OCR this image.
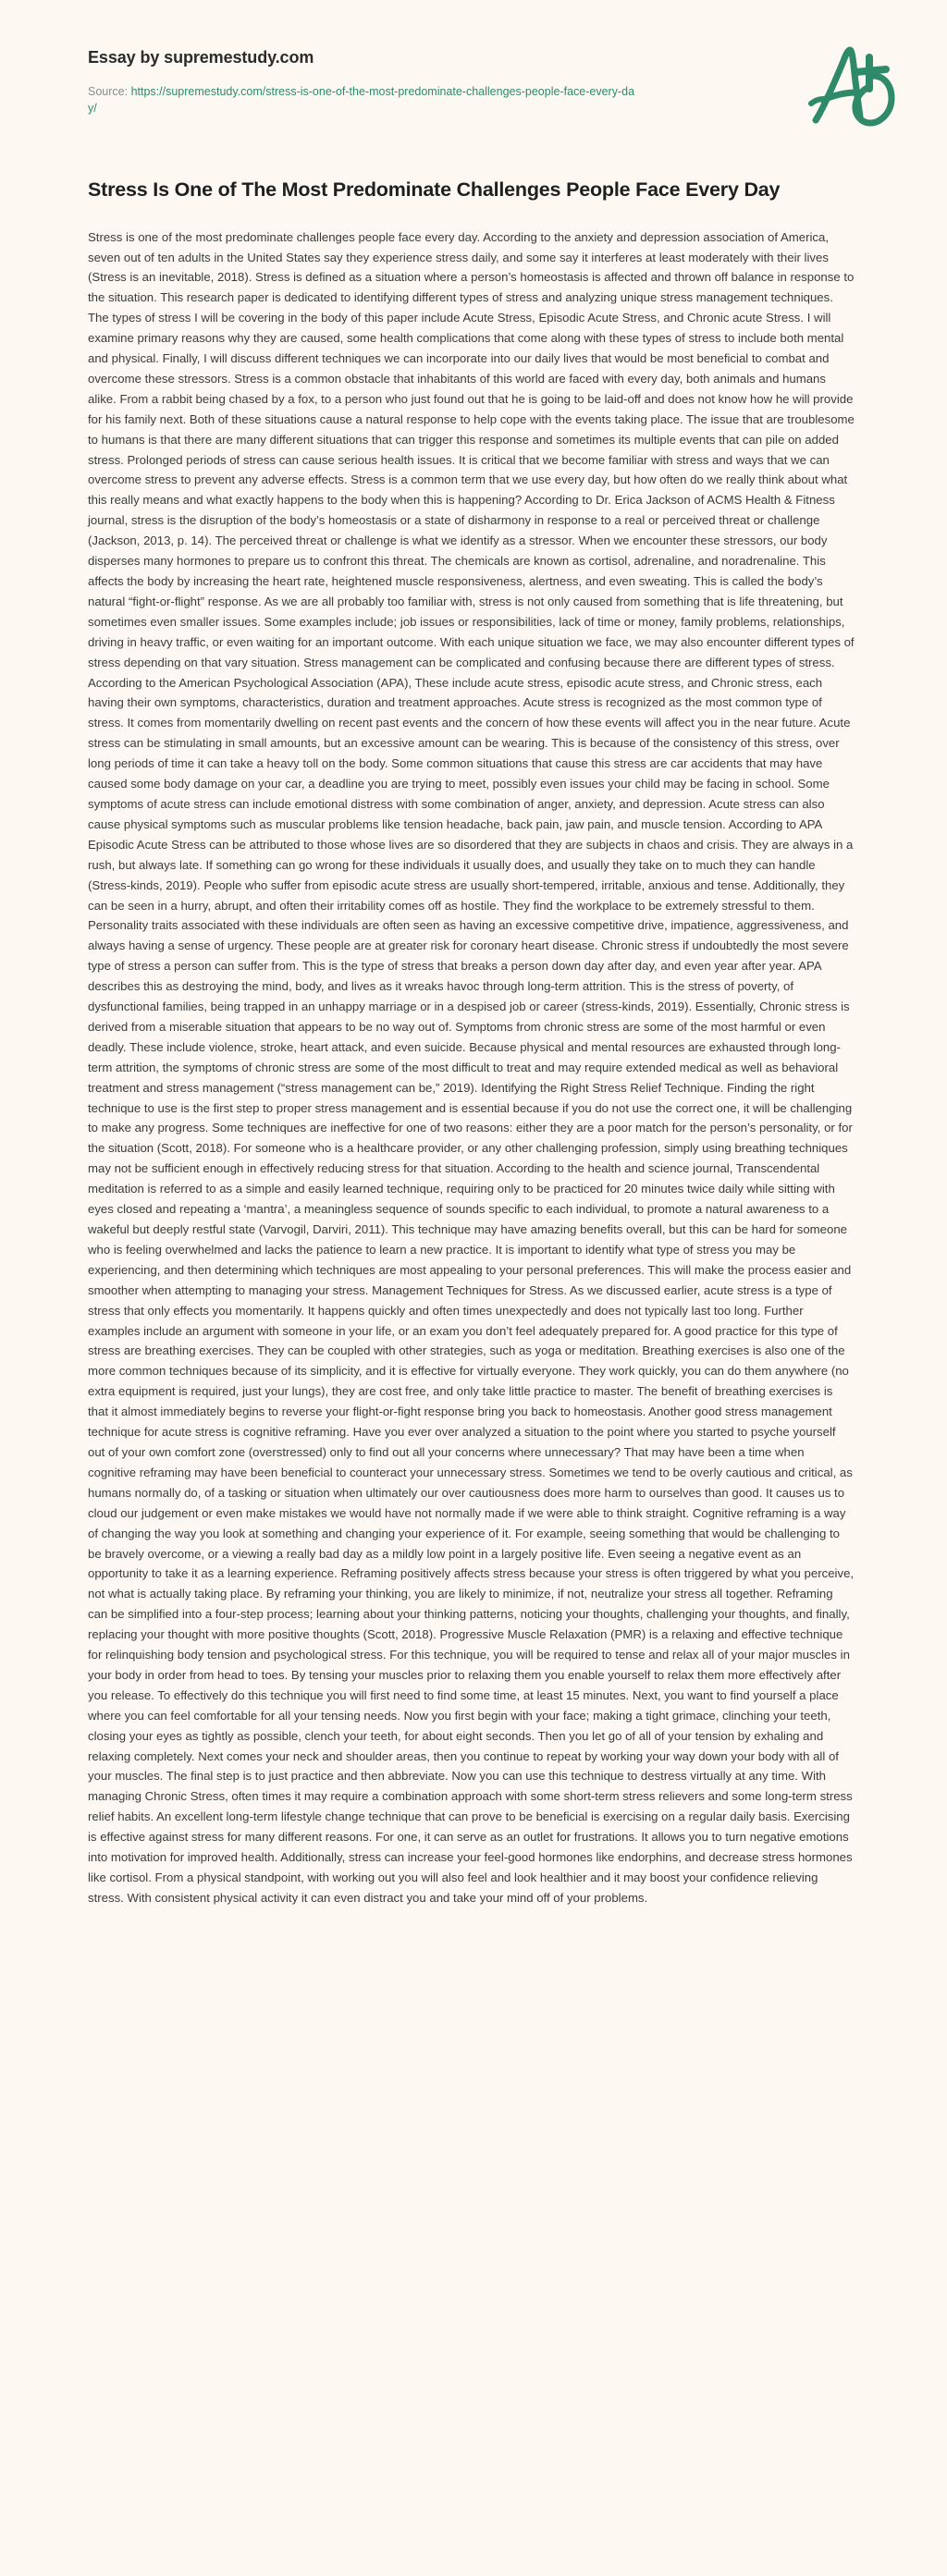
Essay by supremestudy.com
Source: https://supremestudy.com/stress-is-one-of-the-most-predominate-challenges-people-face-every-day/
Stress Is One of The Most Predominate Challenges People Face Every Day

Stress is one of the most predominate challenges people face every day. According to the anxiety and depression association of America, seven out of ten adults in the United States say they experience stress daily, and some say it interferes at least moderately with their lives (Stress is an inevitable, 2018). Stress is defined as a situation where a person’s homeostasis is affected and thrown off balance in response to the situation. This research paper is dedicated to identifying different types of stress and analyzing unique stress management techniques. The types of stress I will be covering in the body of this paper include Acute Stress, Episodic Acute Stress, and Chronic acute Stress. I will examine primary reasons why they are caused, some health complications that come along with these types of stress to include both mental and physical. Finally, I will discuss different techniques we can incorporate into our daily lives that would be most beneficial to combat and overcome these stressors. Stress is a common obstacle that inhabitants of this world are faced with every day, both animals and humans alike. From a rabbit being chased by a fox, to a person who just found out that he is going to be laid-off and does not know how he will provide for his family next. Both of these situations cause a natural response to help cope with the events taking place. The issue that are troublesome to humans is that there are many different situations that can trigger this response and sometimes its multiple events that can pile on added stress. Prolonged periods of stress can cause serious health issues. It is critical that we become familiar with stress and ways that we can overcome stress to prevent any adverse effects. Stress is a common term that we use every day, but how often do we really think about what this really means and what exactly happens to the body when this is happening? According to Dr. Erica Jackson of ACMS Health & Fitness journal, stress is the disruption of the body’s homeostasis or a state of disharmony in response to a real or perceived threat or challenge (Jackson, 2013, p. 14). The perceived threat or challenge is what we identify as a stressor. When we encounter these stressors, our body disperses many hormones to prepare us to confront this threat. The chemicals are known as cortisol, adrenaline, and noradrenaline. This affects the body by increasing the heart rate, heightened muscle responsiveness, alertness, and even sweating. This is called the body’s natural “fight-or-flight” response. As we are all probably too familiar with, stress is not only caused from something that is life threatening, but sometimes even smaller issues. Some examples include; job issues or responsibilities, lack of time or money, family problems, relationships, driving in heavy traffic, or even waiting for an important outcome. With each unique situation we face, we may also encounter different types of stress depending on that vary situation. Stress management can be complicated and confusing because there are different types of stress. According to the American Psychological Association (APA), These include acute stress, episodic acute stress, and Chronic stress, each having their own symptoms, characteristics, duration and treatment approaches. Acute stress is recognized as the most common type of stress. It comes from momentarily dwelling on recent past events and the concern of how these events will affect you in the near future. Acute stress can be stimulating in small amounts, but an excessive amount can be wearing. This is because of the consistency of this stress, over long periods of time it can take a heavy toll on the body. Some common situations that cause this stress are car accidents that may have caused some body damage on your car, a deadline you are trying to meet, possibly even issues your child may be facing in school. Some symptoms of acute stress can include emotional distress with some combination of anger, anxiety, and depression. Acute stress can also cause physical symptoms such as muscular problems like tension headache, back pain, jaw pain, and muscle tension. According to APA Episodic Acute Stress can be attributed to those whose lives are so disordered that they are subjects in chaos and crisis. They are always in a rush, but always late. If something can go wrong for these individuals it usually does, and usually they take on to much they can handle (Stress-kinds, 2019). People who suffer from episodic acute stress are usually short-tempered, irritable, anxious and tense. Additionally, they can be seen in a hurry, abrupt, and often their irritability comes off as hostile. They find the workplace to be extremely stressful to them. Personality traits associated with these individuals are often seen as having an excessive competitive drive, impatience, aggressiveness, and always having a sense of urgency. These people are at greater risk for coronary heart disease. Chronic stress if undoubtedly the most severe type of stress a person can suffer from. This is the type of stress that breaks a person down day after day, and even year after year. APA describes this as destroying the mind, body, and lives as it wreaks havoc through long-term attrition. This is the stress of poverty, of dysfunctional families, being trapped in an unhappy marriage or in a despised job or career (stress-kinds, 2019). Essentially, Chronic stress is derived from a miserable situation that appears to be no way out of. Symptoms from chronic stress are some of the most harmful or even deadly. These include violence, stroke, heart attack, and even suicide. Because physical and mental resources are exhausted through long-term attrition, the symptoms of chronic stress are some of the most difficult to treat and may require extended medical as well as behavioral treatment and stress management (“stress management can be,” 2019). Identifying the Right Stress Relief Technique. Finding the right technique to use is the first step to proper stress management and is essential because if you do not use the correct one, it will be challenging to make any progress. Some techniques are ineffective for one of two reasons: either they are a poor match for the person’s personality, or for the situation (Scott, 2018). For someone who is a healthcare provider, or any other challenging profession, simply using breathing techniques may not be sufficient enough in effectively reducing stress for that situation. According to the health and science journal, Transcendental meditation is referred to as a simple and easily learned technique, requiring only to be practiced for 20 minutes twice daily while sitting with eyes closed and repeating a ‘mantra’, a meaningless sequence of sounds specific to each individual, to promote a natural awareness to a wakeful but deeply restful state (Varvogil, Darviri, 2011). This technique may have amazing benefits overall, but this can be hard for someone who is feeling overwhelmed and lacks the patience to learn a new practice. It is important to identify what type of stress you may be experiencing, and then determining which techniques are most appealing to your personal preferences. This will make the process easier and smoother when attempting to managing your stress. Management Techniques for Stress. As we discussed earlier, acute stress is a type of stress that only effects you momentarily. It happens quickly and often times unexpectedly and does not typically last too long. Further examples include an argument with someone in your life, or an exam you don’t feel adequately prepared for. A good practice for this type of stress are breathing exercises. They can be coupled with other strategies, such as yoga or meditation. Breathing exercises is also one of the more common techniques because of its simplicity, and it is effective for virtually everyone. They work quickly, you can do them anywhere (no extra equipment is required, just your lungs), they are cost free, and only take little practice to master. The benefit of breathing exercises is that it almost immediately begins to reverse your flight-or-fight response bring you back to homeostasis. Another good stress management technique for acute stress is cognitive reframing. Have you ever over analyzed a situation to the point where you started to psyche yourself out of your own comfort zone (overstressed) only to find out all your concerns where unnecessary? That may have been a time when cognitive reframing may have been beneficial to counteract your unnecessary stress. Sometimes we tend to be overly cautious and critical, as humans normally do, of a tasking or situation when ultimately our over cautiousness does more harm to ourselves than good. It causes us to cloud our judgement or even make mistakes we would have not normally made if we were able to think straight. Cognitive reframing is a way of changing the way you look at something and changing your experience of it. For example, seeing something that would be challenging to be bravely overcome, or a viewing a really bad day as a mildly low point in a largely positive life. Even seeing a negative event as an opportunity to take it as a learning experience. Reframing positively affects stress because your stress is often triggered by what you perceive, not what is actually taking place. By reframing your thinking, you are likely to minimize, if not, neutralize your stress all together. Reframing can be simplified into a four-step process; learning about your thinking patterns, noticing your thoughts, challenging your thoughts, and finally, replacing your thought with more positive thoughts (Scott, 2018). Progressive Muscle Relaxation (PMR) is a relaxing and effective technique for relinquishing body tension and psychological stress. For this technique, you will be required to tense and relax all of your major muscles in your body in order from head to toes. By tensing your muscles prior to relaxing them you enable yourself to relax them more effectively after you release. To effectively do this technique you will first need to find some time, at least 15 minutes. Next, you want to find yourself a place where you can feel comfortable for all your tensing needs. Now you first begin with your face; making a tight grimace, clinching your teeth, closing your eyes as tightly as possible, clench your teeth, for about eight seconds. Then you let go of all of your tension by exhaling and relaxing completely. Next comes your neck and shoulder areas, then you continue to repeat by working your way down your body with all of your muscles. The final step is to just practice and then abbreviate. Now you can use this technique to destress virtually at any time. With managing Chronic Stress, often times it may require a combination approach with some short-term stress relievers and some long-term stress relief habits. An excellent long-term lifestyle change technique that can prove to be beneficial is exercising on a regular daily basis. Exercising is effective against stress for many different reasons. For one, it can serve as an outlet for frustrations. It allows you to turn negative emotions into motivation for improved health. Additionally, stress can increase your feel-good hormones like endorphins, and decrease stress hormones like cortisol. From a physical standpoint, with working out you will also feel and look healthier and it may boost your confidence relieving stress. With consistent physical activity it can even distract you and take your mind off of your problems.
